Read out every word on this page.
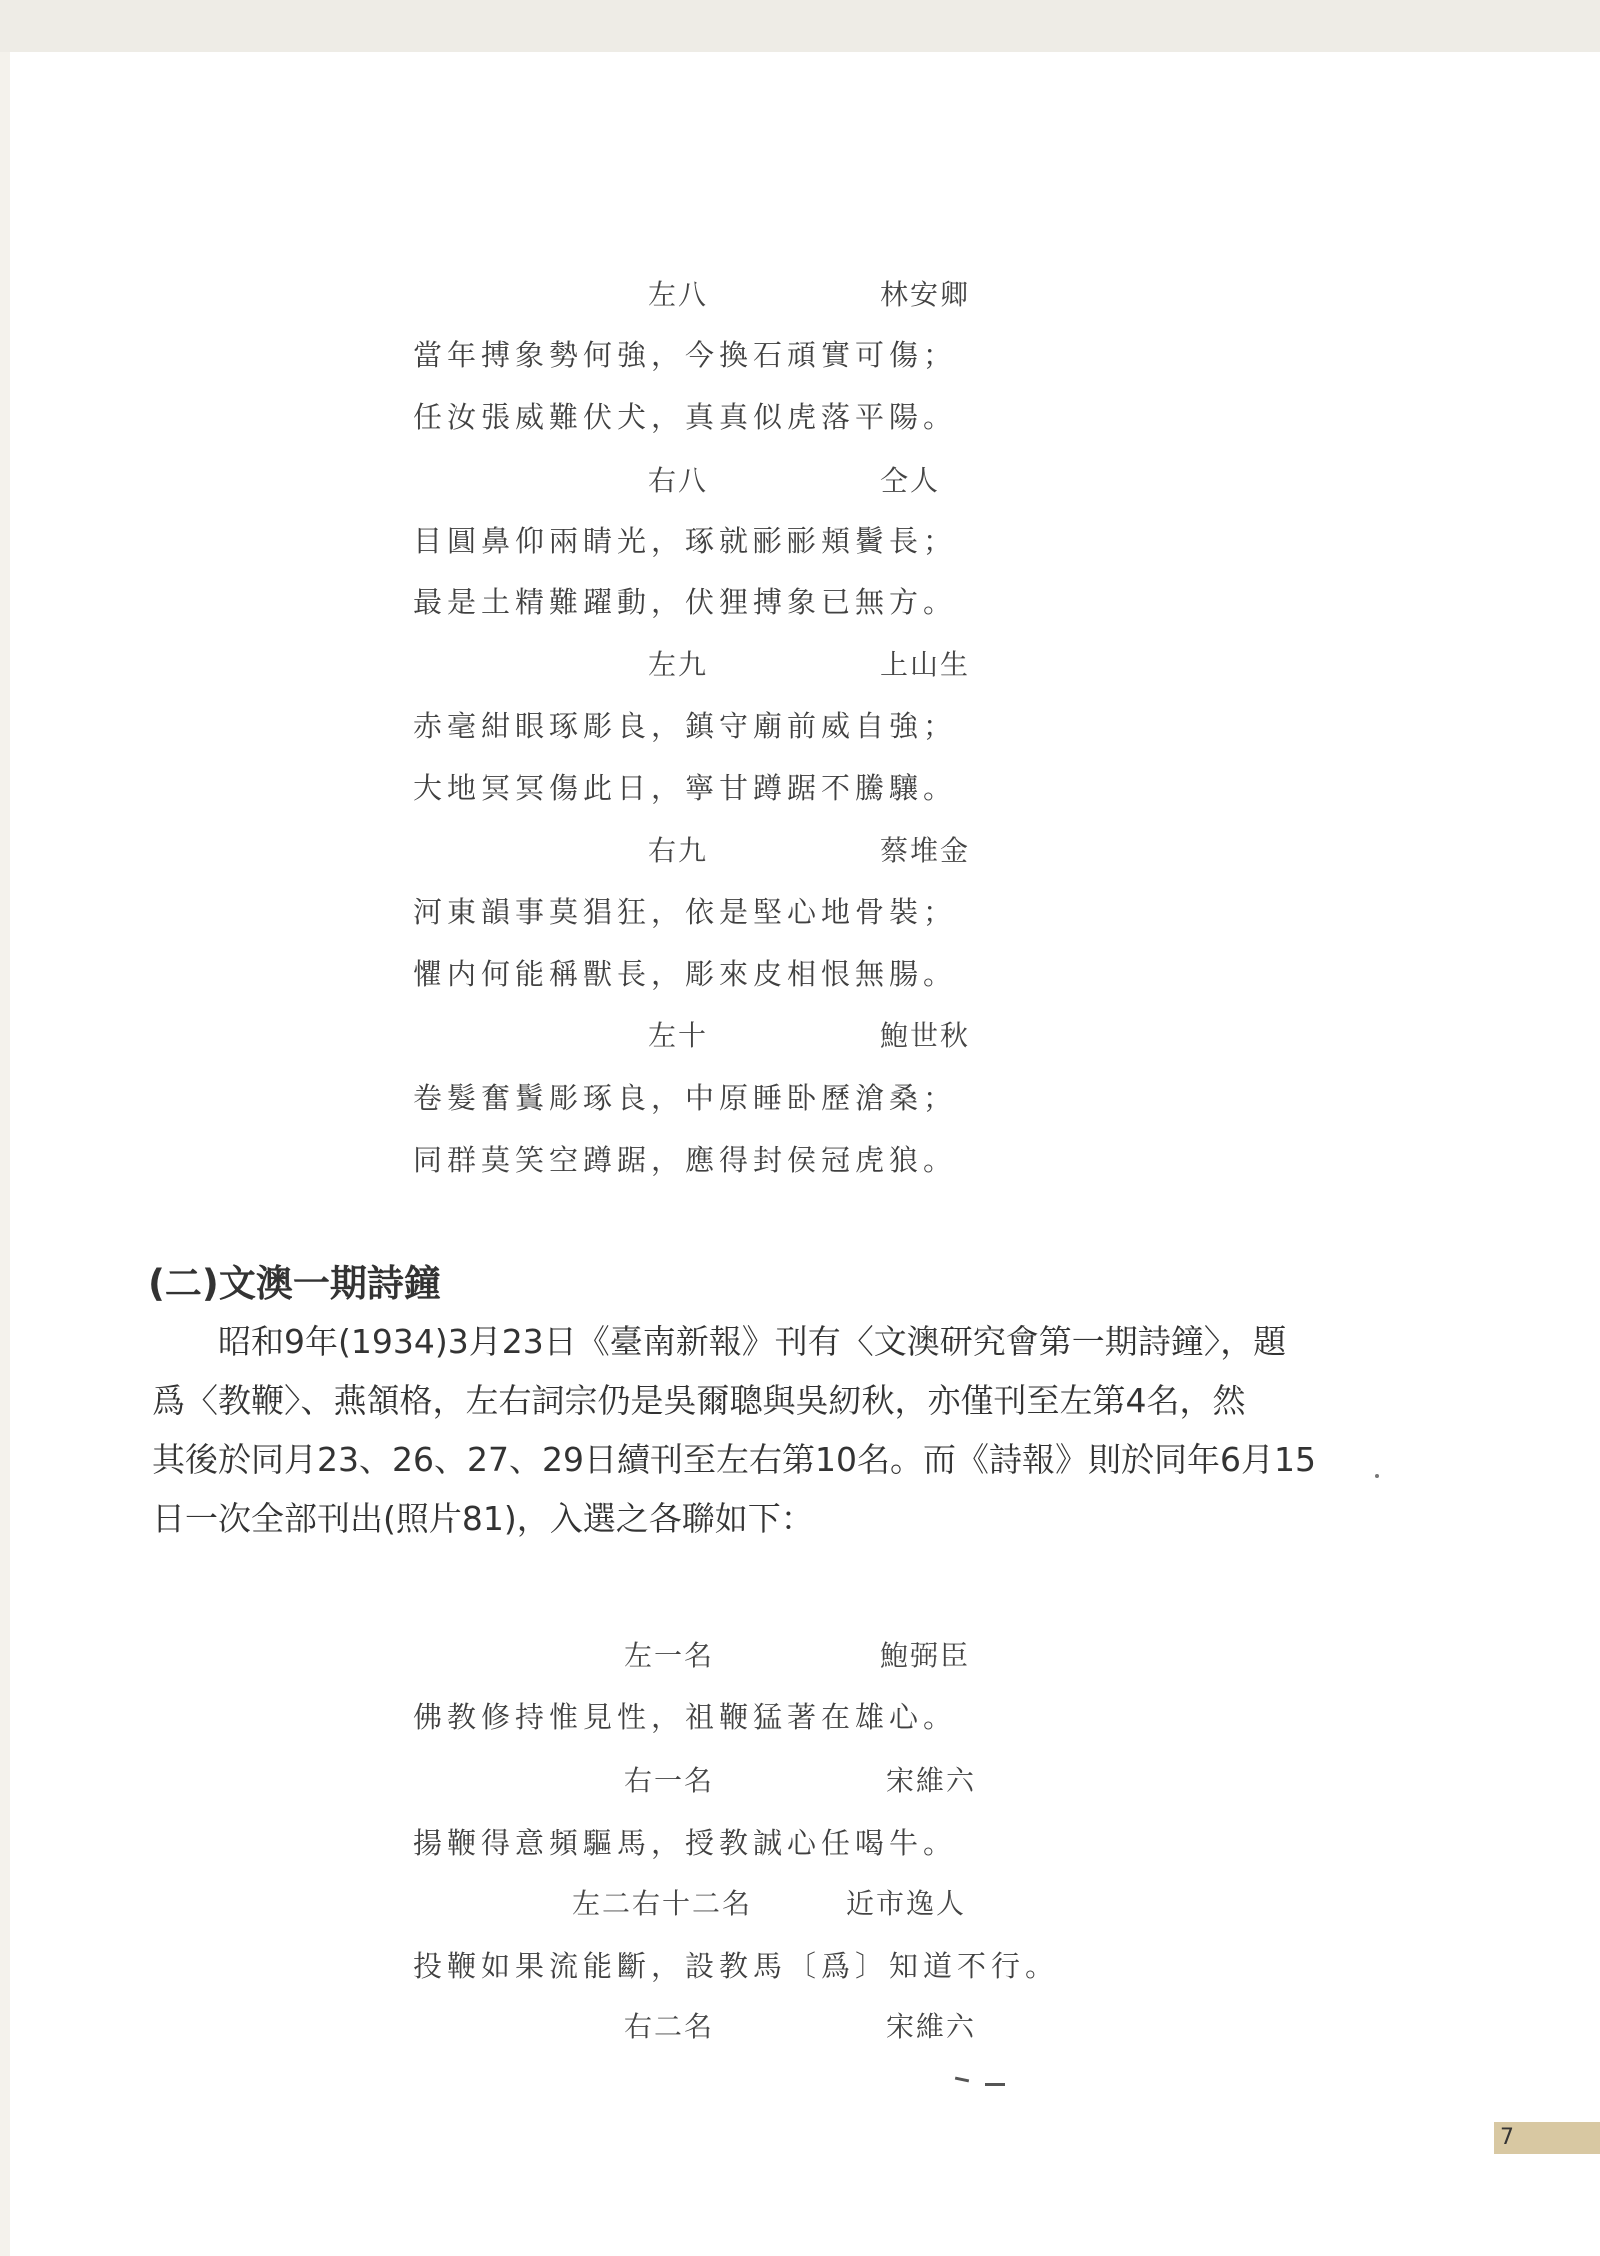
左八	林安卿
當年搏象勢何強，今換石頑實可傷；
任汝張威難伏犬，真真似虎落平陽。
右八	仝人
目圓鼻仰兩睛光，琢就彨彨頬鬢長；
最是土精難躍動，伏狸搏象已無方。
左九	上山生
赤毫紺眼琢彫良，鎮守廟前威自強；
大地冥冥傷此日，寧甘蹲踞不騰驤。
右九	蔡堆金
河東韻事莫猖狂，依是堅心地骨裝；
懼内何能稱獸長，彫來皮相恨無腸。
左十	鮑世秋
卷髮奮鬒彫琢良，中原睡卧歷滄桑；
同群莫笑空蹲踞，應得封侯冠虎狼。
(二)文澳一期詩鐘
昭和9年(1934)3月23日《臺南新報》刊有〈文澳研究會第一期詩鐘〉，題
爲〈教鞭〉、燕頷格，左右詞宗仍是吳爾聰與吳紉秋，亦僅刊至左第4名，然
其後於同月23、26、27、29日續刊至左右第10名。而《詩報》則於同年6月15
日一次全部刊出(照片81)，入選之各聯如下：
左一名	鮑弼臣
佛教修持惟見性，祖鞭猛著在雄心。
右一名	宋維六
揚鞭得意頻驅馬，授教誠心任喝牛。
左二右十二名	近市逸人
投鞭如果流能斷，設教馬〔爲〕知道不行。
右二名	宋維六
7
